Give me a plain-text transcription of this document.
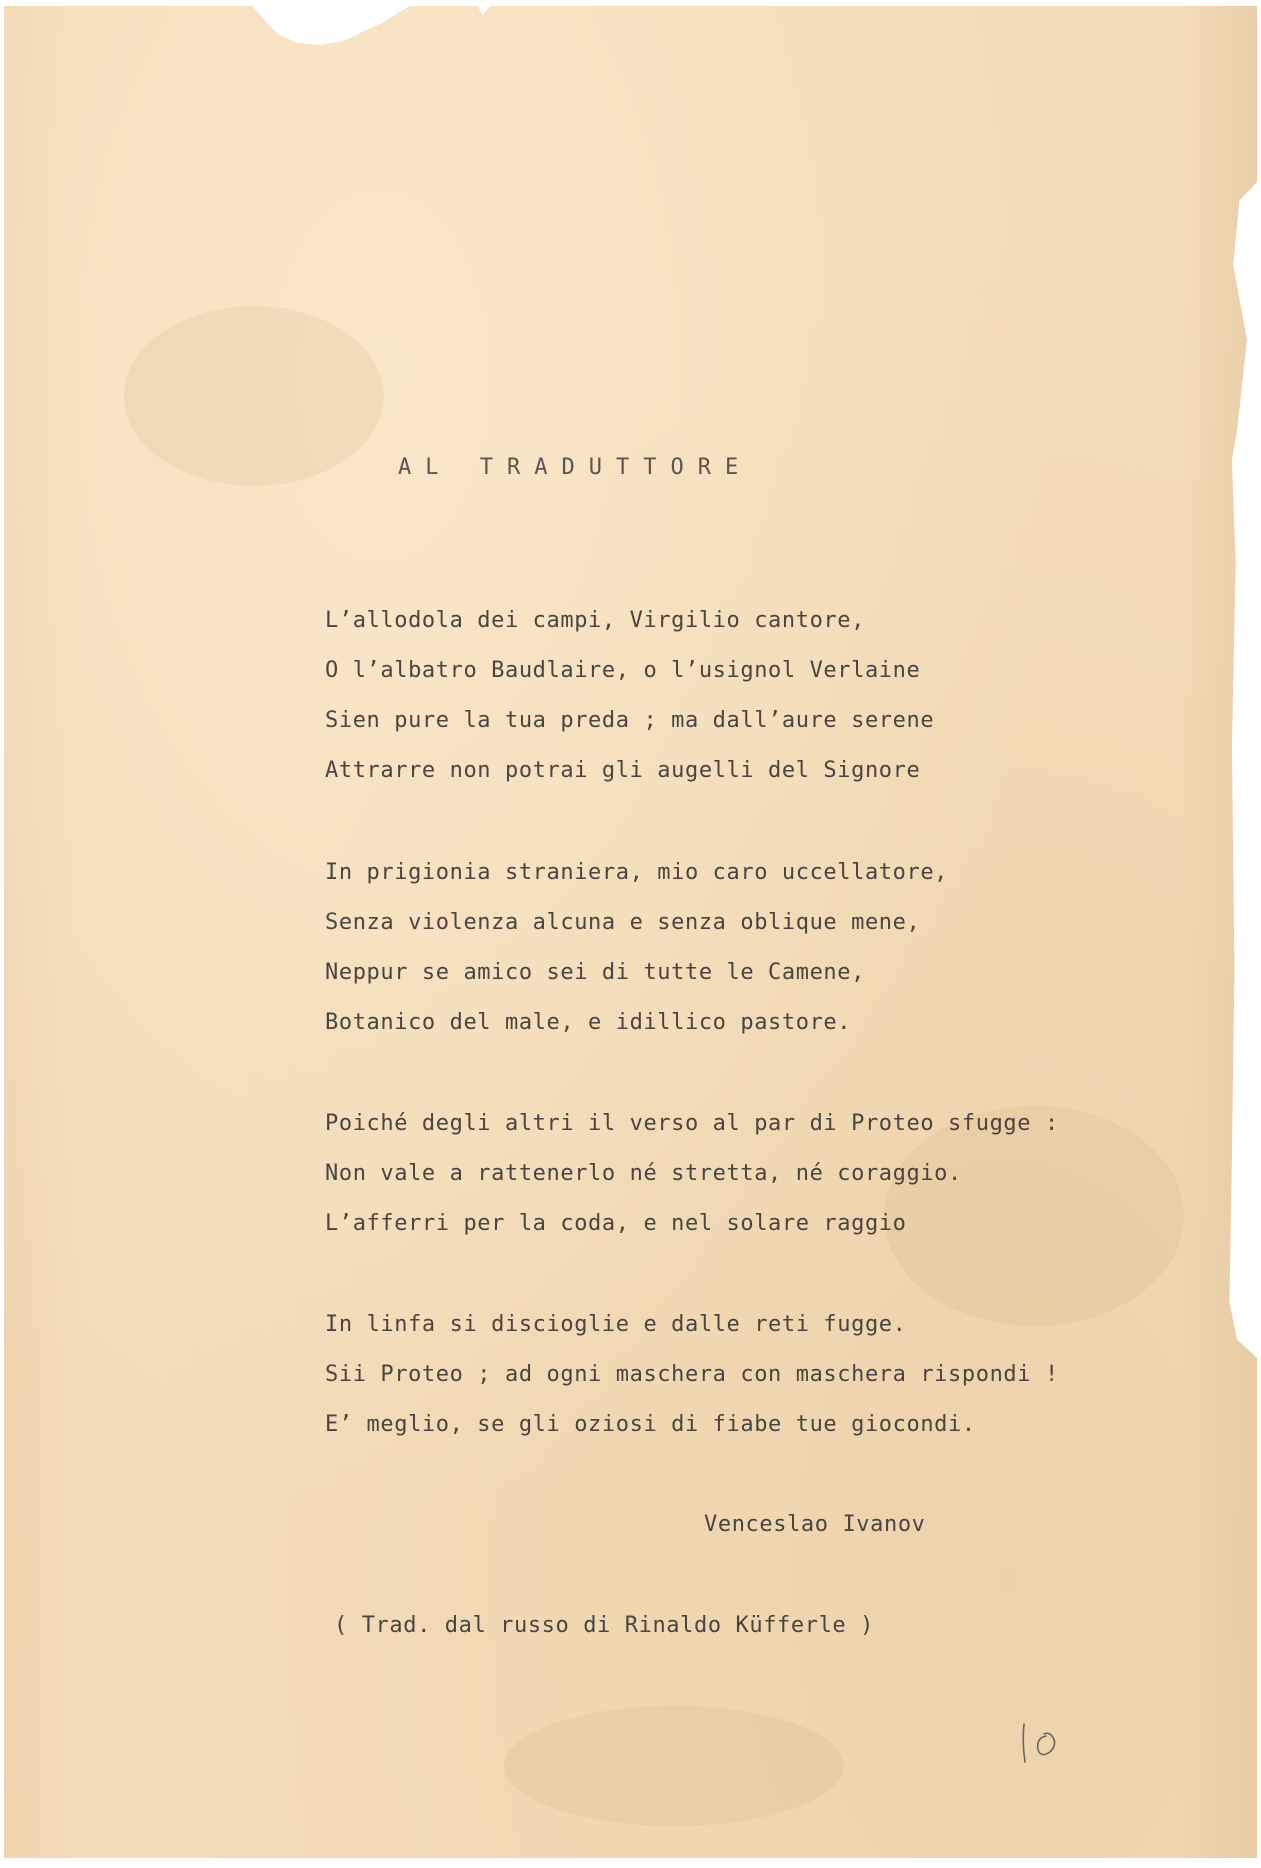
AL TRADUTTORE
L’allodola dei campi, Virgilio cantore,
O l’albatro Baudlaire, o l’usignol Verlaine
Sien pure la tua preda ; ma dall’aure serene
Attrarre non potrai gli augelli del Signore
In prigionia straniera, mio caro uccellatore,
Senza violenza alcuna e senza oblique mene,
Neppur se amico sei di tutte le Camene,
Botanico del male, e idillico pastore.
Poiché degli altri il verso al par di Proteo sfugge :
Non vale a rattenerlo né stretta, né coraggio.
L’afferri per la coda, e nel solare raggio
In linfa si discioglie e dalle reti fugge.
Sii Proteo ; ad ogni maschera con maschera rispondi !
E’ meglio, se gli oziosi di fiabe tue giocondi.
Venceslao Ivanov
( Trad. dal russo di Rinaldo Küfferle )
